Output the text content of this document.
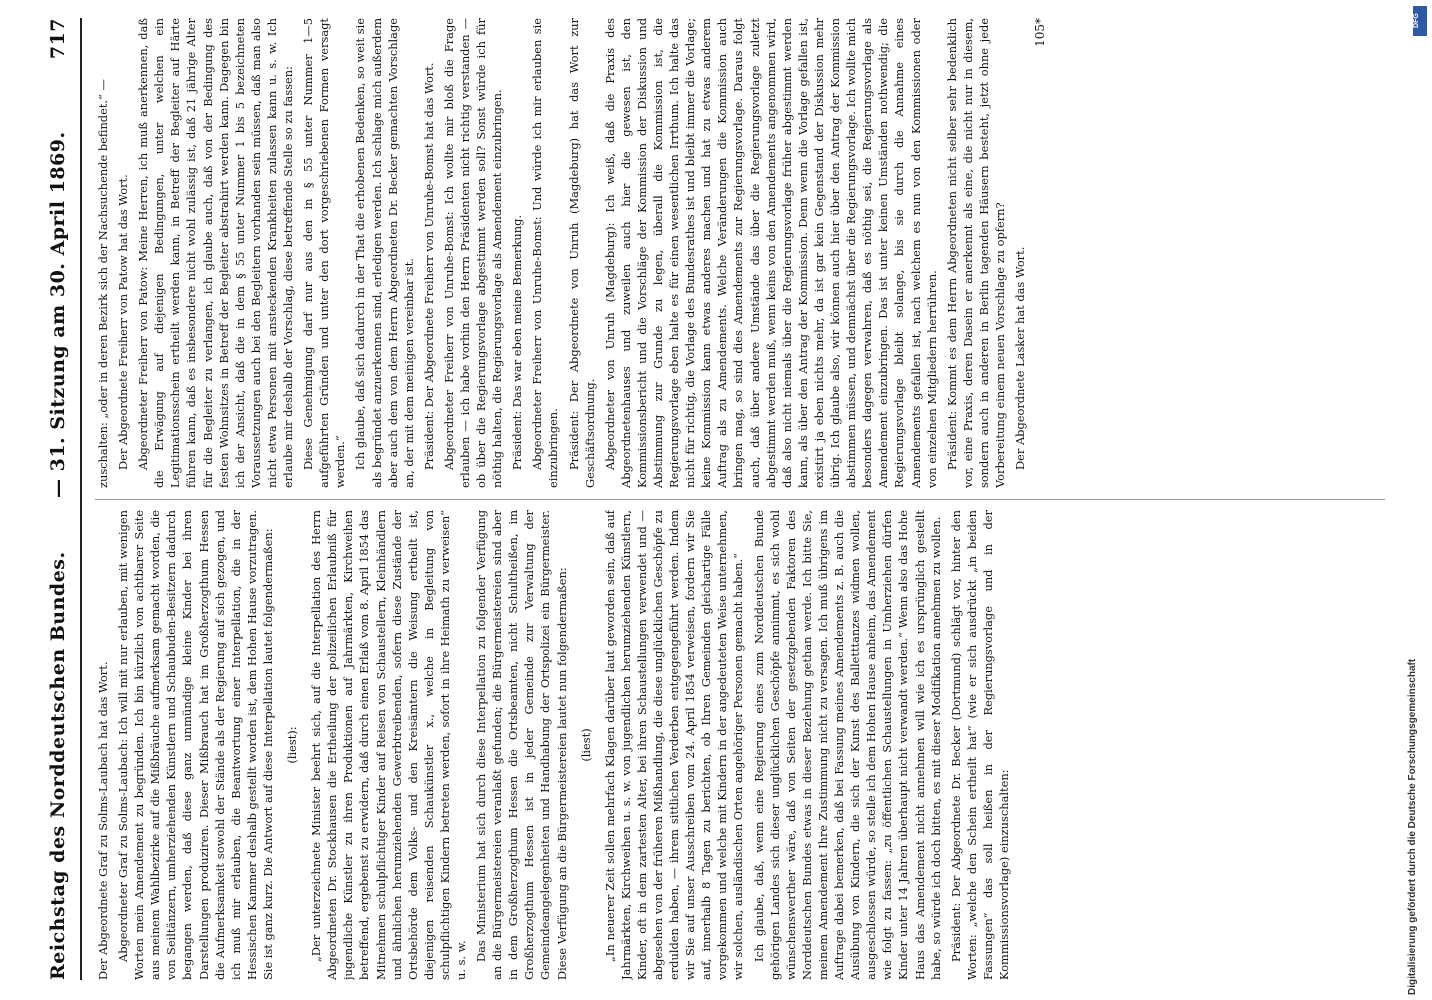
Reichstag des Norddeutschen Bundes.
— 31. Sitzung am 30. April 1869.
717

Der Abgeordnete Graf zu Solms-Laubach hat das Wort. Abgeordneter Graf zu Solms-Laubach: Ich will mit nur erlauben, mit wenigen Worten mein Amendement zu begründen. Ich bin kürzlich von achtbarer Seite aus meinem Wahlbezirke auf die Mißbräuche aufmerksam gemacht worden, die von Seiltänzern, umherziehenden Künstlern und Schaubuden-Besitzern dadurch begangen werden, daß diese ganz unmündige kleine Kinder bei ihren Darstellungen produziren. Dieser Mißbrauch hat im Großherzogthum Hessen die Aufmerksamkeit sowohl der Stände als der Regierung auf sich gezogen, und ich muß mir erlauben, die Beantwortung einer Interpellation, die in der Hessischen Kammer deshalb gestellt worden ist, dem Hohen Hause vorzutragen. Sie ist ganz kurz. Die Antwort auf diese Interpellation lautet folgendermaßen: (liest): „Der unterzeichnete Minister beehrt sich, auf die Interpellation des Herrn Abgeordneten Dr. Stockhausen die Ertheilung der polizeilichen Erlaubniß für jugendliche Künstler zu ihren Produktionen auf Jahrmärkten, Kirchweihen betreffend, ergebenst zu erwidern, daß durch einen Erlaß vom 8. April 1854 das Mitnehmen schulpflichtiger Kinder auf Reisen von Schaustellern, Kleinhändlern und ähnlichen herumziehenden Gewerbtreibenden, sofern diese Zustände der Ortsbehörde dem Volks- und den Kreisämtern die Weisung ertheilt ist, diejenigen reisenden Schaukünstler x., welche in Begleitung von schulpflichtigen Kindern betreten werden, sofort in ihre Heimath zu verweisen“ u. s. w. Das Ministerium hat sich durch diese Interpellation zu folgender Verfügung an die Bürgermeistereien veranlaßt gefunden; die Bürgermeistereien sind aber in dem Großherzogthum Hessen die Ortsbeamten, nicht Schultheißen, im Großherzogthum Hessen ist in jeder Gemeinde zur Verwaltung der Gemeindeangelegenheiten und Handhabung der Ortspolizei ein Bürgermeister. Diese Verfügung an die Bürgermeistereien lautet nun folgendermaßen: (liest) „In neuerer Zeit sollen mehrfach Klagen darüber laut geworden sein, daß auf Jahrmärkten, Kirchweihen u. s. w. von jugendlichen herumziehenden Künstlern, Kinder, oft in dem zartesten Alter, bei ihren Schaustellungen verwendet und — abgesehen von der früheren Mißhandlung, die diese unglücklichen Geschöpfe zu erdulden haben, — ihrem sittlichen Verderben entgegengeführt werden. Indem wir Sie auf unser Ausschreiben vom 24. April 1854 verweisen, fordern wir Sie auf, innerhalb 8 Tagen zu berichten, ob Ihren Gemeinden gleichartige Fälle vorgekommen und welche mit Kindern in der angedeuteten Weise unternehmen, wir solchen, ausländischen Orten angehöriger Personen gemacht haben.“ Ich glaube, daß, wenn eine Regierung eines zum Norddeutschen Bunde gehörigen Landes sich dieser unglücklichen Geschöpfe annimmt, es sich wohl wünschenswerther wäre, daß von Seiten der gesetzgebenden Faktoren des Norddeutschen Bundes etwas in dieser Beziehung gethan werde. Ich bitte Sie, meinem Amendement Ihre Zustimmung nicht zu versagen. Ich muß übrigens im Auftrage dabei bemerken, daß bei Fassung meines Amendements z. B. auch die Ausübung von Kindern, die sich der Kunst des Balletttanzes widmen wollen, ausgeschlossen würde, so stelle ich dem Hohen Hause anheim, das Amendement wie folgt zu fassen: „zu öffentlichen Schaustellungen in Umherziehen dürfen Kinder unter 14 Jahren überhaupt nicht verwandt werden.“ Wenn also das Hohe Haus das Amendement nicht annehmen will wie ich es ursprünglich gestellt habe, so würde ich doch bitten, es mit dieser Modifikation annehmen zu wollen. Präsident: Der Abgeordnete Dr. Becker (Dortmund) schlägt vor, hinter den Worten: „welche den Schein ertheilt hat“ (wie er sich ausdrückt „in beiden Fassungen“ das soll heißen in der Regierungsvorlage und in der Kommissionsvorlage) einzuschalten:

zuschalten: „oder in deren Bezirk sich der Nachsuchende befindet.“ — Der Abgeordnete Freiherr von Patow hat das Wort. Abgeordneter Freiherr von Patow: Meine Herren, ich muß anerkennen, daß die Erwägung auf diejenigen Bedingungen, unter welchen ein Legitimationsschein ertheilt werden kann, in Betreff der Begleiter auf Härte führen kann, daß es insbesondere nicht wohl zulässig ist, daß 21 jährige Alter für die Begleiter zu verlangen, ich glaube auch, daß von der Bedingung des festen Wohnsitzes in Betreff der Begleiter abstrahirt werden kann. Dagegen bin ich der Ansicht, daß die in dem § 55 unter Nummer 1 bis 5 bezeichneten Voraussetzungen auch bei den Begleitern vorhanden sein müssen, daß man also nicht etwa Personen mit ansteckenden Krankheiten zulassen kann u. s. w. Ich erlaube mir deshalb der Vorschlag, diese betreffende Stelle so zu fassen: Diese Genehmigung darf nur aus den in § 55 unter Nummer 1—5 aufgeführten Gründen und unter den dort vorgeschriebenen Formen versagt werden.“ Ich glaube, daß sich dadurch in der That die erhobenen Bedenken, so weit sie als begründet anzuerkennen sind, erledigen werden. Ich schlage mich außerdem aber auch dem von dem Herrn Abgeordneten Dr. Becker gemachten Vorschlage an, der mit dem meinigen vereinbar ist. Präsident: Der Abgeordnete Freiherr von Unruhe-Bomst hat das Wort. Abgeordneter Freiherr von Unruhe-Bomst: Ich wollte mir bloß die Frage erlauben — ich habe vorhin den Herrn Präsidenten nicht richtig verstanden — ob über die Regierungsvorlage abgestimmt werden soll? Sonst würde ich für nöthig halten, die Regierungsvorlage als Amendement einzubringen. Präsident: Das war eben meine Bemerkung. Abgeordneter Freiherr von Unruhe-Bomst: Und würde ich mir erlauben sie einzubringen. Präsident: Der Abgeordnete von Unruh (Magdeburg) hat das Wort zur Geschäftsordnung. Abgeordneter von Unruh (Magdeburg): Ich weiß, daß die Praxis des Abgeordnetenhauses und zuweilen auch hier die gewesen ist, den Kommissionsbericht und die Vorschläge der Kommission der Diskussion und Abstimmung zur Grunde zu legen, überall die Kommission ist, die Regierungsvorlage eben halte es für einen wesentlichen Irrthum. Ich halte das nicht für richtig, die Vorlage des Bundesrathes ist und bleibt immer die Vorlage; keine Kommission kann etwas anderes machen und hat zu etwas anderem Auftrag als zu Amendements. Welche Veränderungen die Kommission auch bringen mag, so sind dies Amendements zur Regierungsvorlage. Daraus folgt auch, daß über andere Umstände das über die Regierungsvorlage zuletzt abgestimmt werden muß, wenn keins von den Amendements angenommen wird, daß also nicht niemals über die Regierungsvorlage früher abgestimmt werden kann, als über den Antrag der Kommission. Denn wenn die Vorlage gefallen ist, existirt ja eben nichts mehr, da ist gar kein Gegenstand der Diskussion mehr übrig. Ich glaube also, wir können auch hier über den Antrag der Kommission abstimmen müssen, und demnächst über die Regierungsvorlage. Ich wollte mich besonders dagegen verwahren, daß es nöthig sei, die Regierungsvorlage als Amendement einzubringen. Das ist unter keinen Umständen nothwendig; die Regierungsvorlage bleibt solange, bis sie durch die Annahme eines Amendements gefallen ist, nach welchem es nun von den Kommissionen oder von einzelnen Mitgliedern herrühren. Präsident: Kommt es dem Herrn Abgeordneten nicht selber sehr bedenklich vor, eine Praxis, deren Dasein er anerkennt als eine, die nicht nur in diesem, sondern auch in anderen in Berlin tagenden Häusern besteht, jetzt ohne jede Vorbereitung einem neuen Vorschlage zu opfern? Der Abgeordnete Lasker hat das Wort.

105*
Digitalisierung gefördert durch die Deutsche Forschungsgemeinschaft
DFG
